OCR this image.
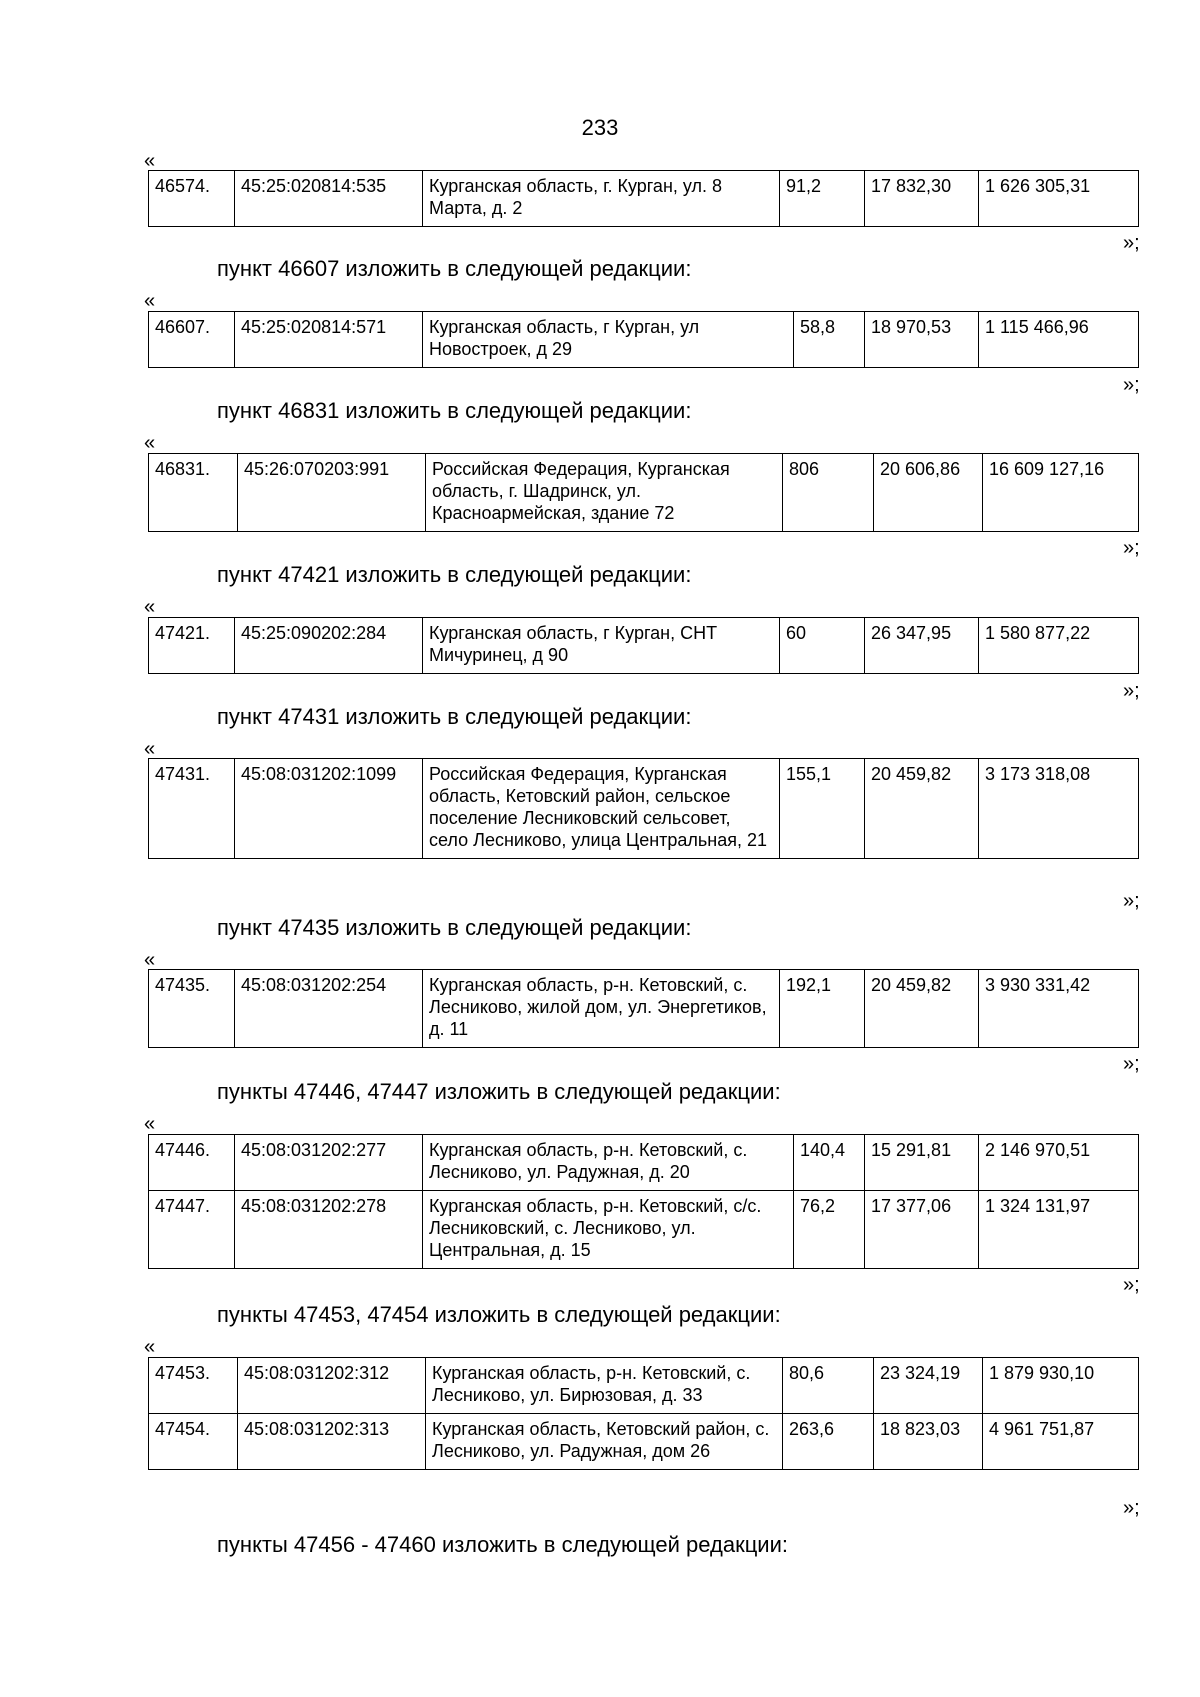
233
«
46574.	45:25:020814:535	Курганская область, г. Курган, ул. 8 Марта, д. 2	91,2	17 832,30	1 626 305,31
»;
пункт 46607 изложить в следующей редакции:
«
46607.	45:25:020814:571	Курганская область, г Курган, ул Новостроек, д 29	58,8	18 970,53	1 115 466,96
»;
пункт 46831 изложить в следующей редакции:
«
46831.	45:26:070203:991	Российская Федерация, Курганская область, г. Шадринск, ул. Красноармейская, здание 72	806	20 606,86	16 609 127,16
»;
пункт 47421 изложить в следующей редакции:
«
47421.	45:25:090202:284	Курганская область, г Курган, СНТ Мичуринец, д 90	60	26 347,95	1 580 877,22
»;
пункт 47431 изложить в следующей редакции:
«
47431.	45:08:031202:1099	Российская Федерация, Курганская область, Кетовский район, сельское поселение Лесниковский сельсовет, село Лесниково, улица Центральная, 21	155,1	20 459,82	3 173 318,08
»;
пункт 47435 изложить в следующей редакции:
«
47435.	45:08:031202:254	Курганская область, р-н. Кетовский, с. Лесниково, жилой дом, ул. Энергетиков, д. 11	192,1	20 459,82	3 930 331,42
»;
пункты 47446, 47447 изложить в следующей редакции:
«
47446.	45:08:031202:277	Курганская область, р-н. Кетовский, с. Лесниково, ул. Радужная, д. 20	140,4	15 291,81	2 146 970,51
47447.	45:08:031202:278	Курганская область, р-н. Кетовский, с/с. Лесниковский, с. Лесниково, ул. Центральная, д. 15	76,2	17 377,06	1 324 131,97
»;
пункты 47453, 47454 изложить в следующей редакции:
«
47453.	45:08:031202:312	Курганская область, р-н. Кетовский, с. Лесниково, ул. Бирюзовая, д. 33	80,6	23 324,19	1 879 930,10
47454.	45:08:031202:313	Курганская область, Кетовский район, с. Лесниково, ул. Радужная, дом 26	263,6	18 823,03	4 961 751,87
»;
пункты 47456 - 47460 изложить в следующей редакции:
